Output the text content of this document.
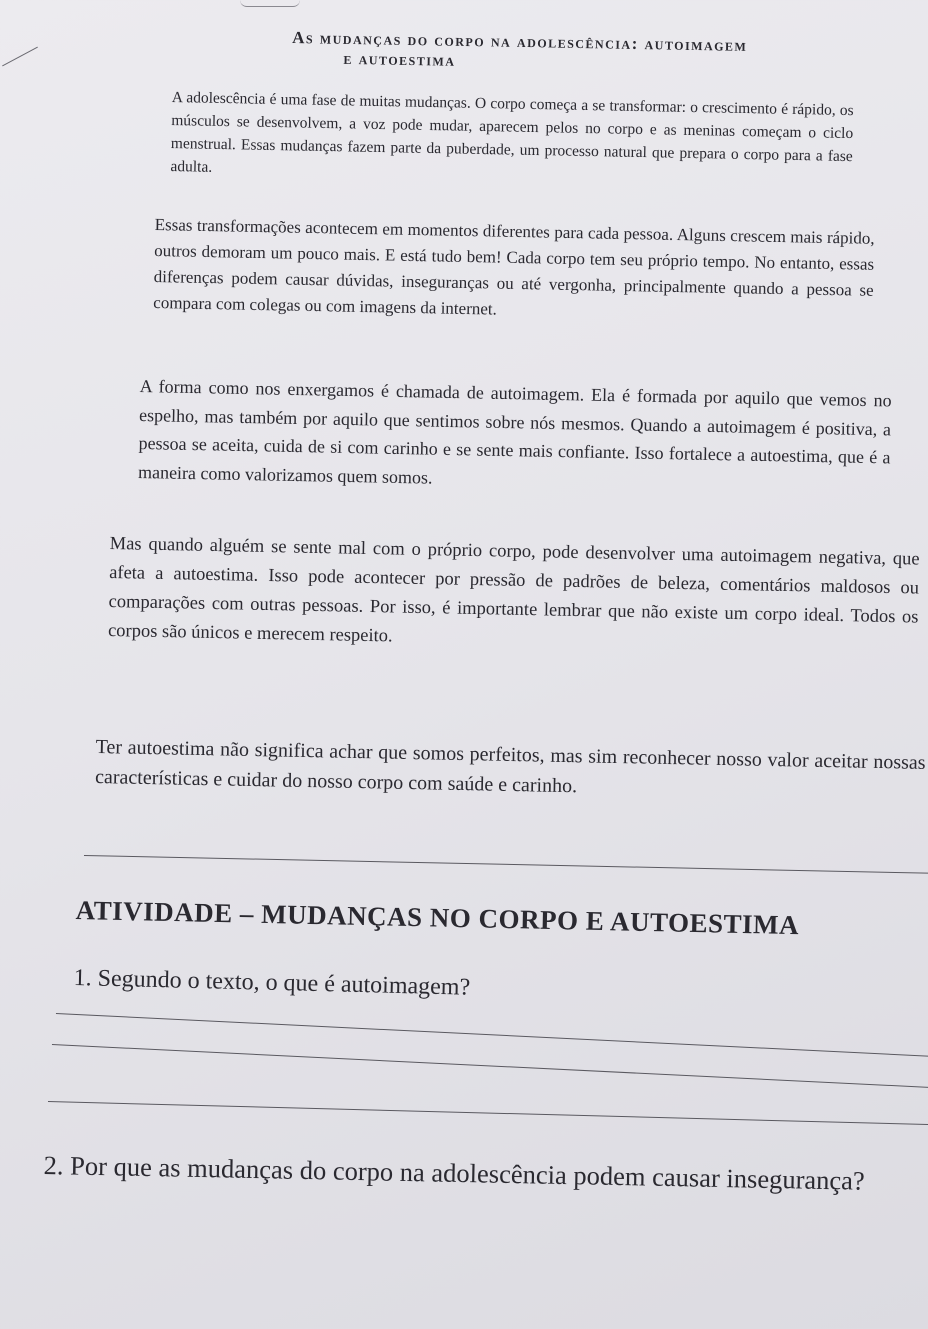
As mudanças do corpo na adolescência: autoimagem
e autoestima

A adolescência é uma fase de muitas mudanças. O corpo começa a se transformar: o crescimento é rápido, os músculos se desenvolvem, a voz pode mudar, aparecem pelos no corpo e as meninas começam o ciclo menstrual. Essas mudanças fazem parte da puberdade, um processo natural que prepara o corpo para a fase adulta.

Essas transformações acontecem em momentos diferentes para cada pessoa. Alguns crescem mais rápido, outros demoram um pouco mais. E está tudo bem! Cada corpo tem seu próprio tempo. No entanto, essas diferenças podem causar dúvidas, inseguranças ou até vergonha, principalmente quando a pessoa se compara com colegas ou com imagens da internet.

A forma como nos enxergamos é chamada de autoimagem. Ela é formada por aquilo que vemos no espelho, mas também por aquilo que sentimos sobre nós mesmos. Quando a autoimagem é positiva, a pessoa se aceita, cuida de si com carinho e se sente mais confiante. Isso fortalece a autoestima, que é a maneira como valorizamos quem somos.

Mas quando alguém se sente mal com o próprio corpo, pode desenvolver uma autoimagem negativa, que afeta a autoestima. Isso pode acontecer por pressão de padrões de beleza, comentários maldosos ou comparações com outras pessoas. Por isso, é importante lembrar que não existe um corpo ideal. Todos os corpos são únicos e merecem respeito.

Ter autoestima não significa achar que somos perfeitos, mas sim reconhecer nosso valor aceitar nossas características e cuidar do nosso corpo com saúde e carinho.

ATIVIDADE – MUDANÇAS NO CORPO E AUTOESTIMA

1. Segundo o texto, o que é autoimagem?

2. Por que as mudanças do corpo na adolescência podem causar insegurança?
